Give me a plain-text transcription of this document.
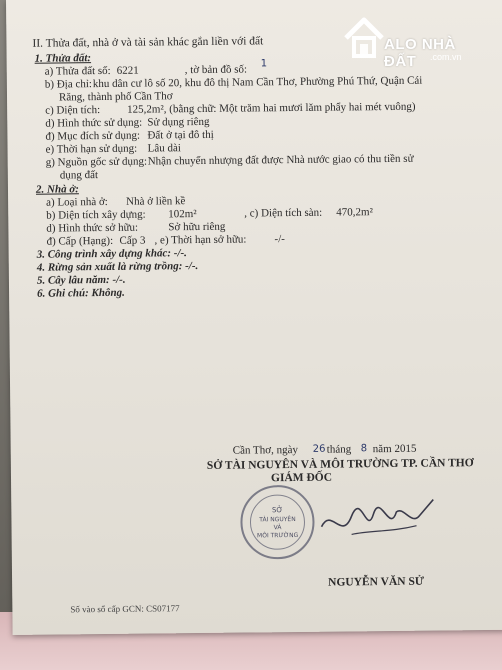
II. Thửa đất, nhà ở và tài sản khác gắn liền với đất
1. Thửa đất:
a) Thửa đất số: 6221	, tờ bản đồ số: 1
b) Địa chỉ: khu dân cư lô số 20, khu đô thị Nam Cần Thơ, Phường Phú Thứ, Quận Cái
Răng, thành phố Cần Thơ
c) Diện tích: 125,2m², (bằng chữ: Một trăm hai mươi lăm phẩy hai mét vuông)
d) Hình thức sử dụng: Sử dụng riêng
đ) Mục đích sử dụng: Đất ở tại đô thị
e) Thời hạn sử dụng: Lâu dài
g) Nguồn gốc sử dụng: Nhận chuyển nhượng đất được Nhà nước giao có thu tiền sử
dụng đất
2. Nhà ở:
a) Loại nhà ở: Nhà ở liền kề
b) Diện tích xây dựng: 102m²	, c) Diện tích sàn: 470,2m²
d) Hình thức sở hữu:	Sở hữu riêng
đ) Cấp (Hạng): Cấp 3 , e) Thời hạn sở hữu:	-/-
3. Công trình xây dựng khác: -/-.
4. Rừng sản xuất là rừng trồng: -/-.
5. Cây lâu năm: -/-.
6. Ghi chú: Không.
Cần Thơ, ngày 26 tháng 8 năm 2015
SỞ TÀI NGUYÊN VÀ MÔI TRƯỜNG TP. CẦN THƠ
GIÁM ĐỐC
SỞ
TÀI NGUYÊN
VÀ
MÔI TRƯỜNG
NGUYỄN VĂN SỬ
Số vào sổ cấp GCN: CS07177
ALO NHÀ ĐẤT	.com.vn
